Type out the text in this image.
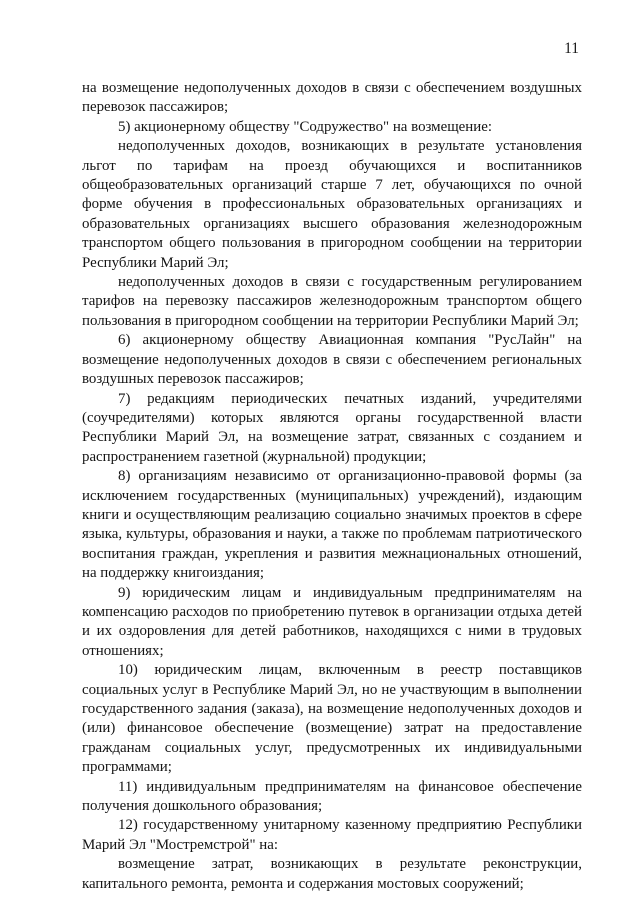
11

на возмещение недополученных доходов в связи с обеспечением воздушных перевозок пассажиров;

5) акционерному обществу "Содружество" на возмещение:

недополученных доходов, возникающих в результате установления льгот по тарифам на проезд обучающихся и воспитанников общеобразовательных организаций старше 7 лет, обучающихся по очной форме обучения в профессиональных образовательных организациях и образовательных организациях высшего образования железнодорожным транспортом общего пользования в пригородном сообщении на территории Республики Марий Эл;

недополученных доходов в связи с государственным регулированием тарифов на перевозку пассажиров железнодорожным транспортом общего пользования в пригородном сообщении на территории Республики Марий Эл;

6) акционерному обществу Авиационная компания "РусЛайн" на возмещение недополученных доходов в связи с обеспечением региональных воздушных перевозок пассажиров;

7) редакциям периодических печатных изданий, учредителями (соучредителями) которых являются органы государственной власти Республики Марий Эл, на возмещение затрат, связанных с созданием и распространением газетной (журнальной) продукции;

8) организациям независимо от организационно-правовой формы (за исключением государственных (муниципальных) учреждений), издающим книги и осуществляющим реализацию социально значимых проектов в сфере языка, культуры, образования и науки, а также по проблемам патриотического воспитания граждан, укрепления и развития межнациональных отношений, на поддержку книгоиздания;

9) юридическим лицам и индивидуальным предпринимателям на компенсацию расходов по приобретению путевок в организации отдыха детей и их оздоровления для детей работников, находящихся с ними в трудовых отношениях;

10) юридическим лицам, включенным в реестр поставщиков социальных услуг в Республике Марий Эл, но не участвующим в выполнении государственного задания (заказа), на возмещение недополученных доходов и (или) финансовое обеспечение (возмещение) затрат на предоставление гражданам социальных услуг, предусмотренных их индивидуальными программами;

11) индивидуальным предпринимателям на финансовое обеспечение получения дошкольного образования;

12) государственному унитарному казенному предприятию Республики Марий Эл "Мостремстрой" на:

возмещение затрат, возникающих в результате реконструкции, капитального ремонта, ремонта и содержания мостовых сооружений;
